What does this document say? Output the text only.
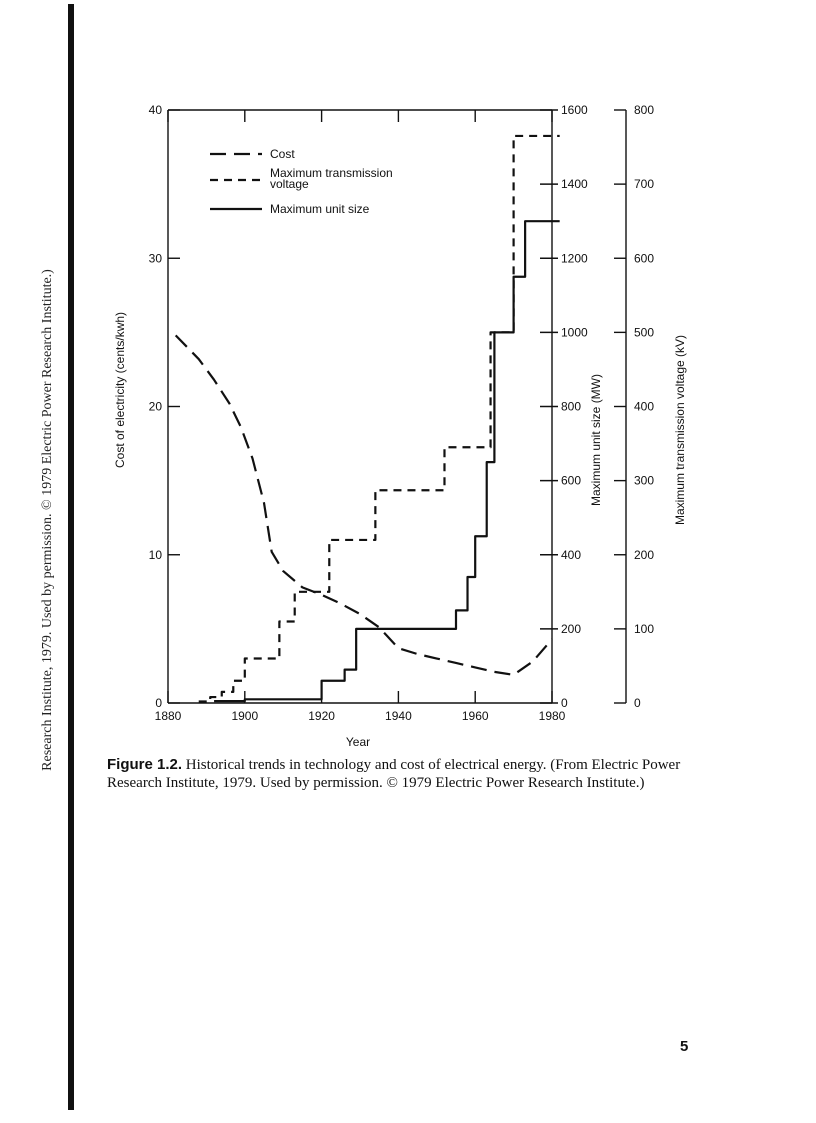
Research Institute, 1979. Used by permission. © 1979 Electric Power Research Institute.)	1880	1900	1920	1940	1960	1980
0
10
20
30
40
0
200
400
600
800
1000
1200
1400
1600
0
100
200
300
400
500
600
700
800
Cost
Maximum transmission voltage
Maximum unit size
Year
Cost of electricity (cents/kwh)	Maximum unit size (MW)	Maximum transmission voltage (kV)
Figure 1.2. Historical trends in technology and cost of electrical energy. (From Electric Power Research Institute, 1979. Used by permission. © 1979 Electric Power Research Institute.)
5
